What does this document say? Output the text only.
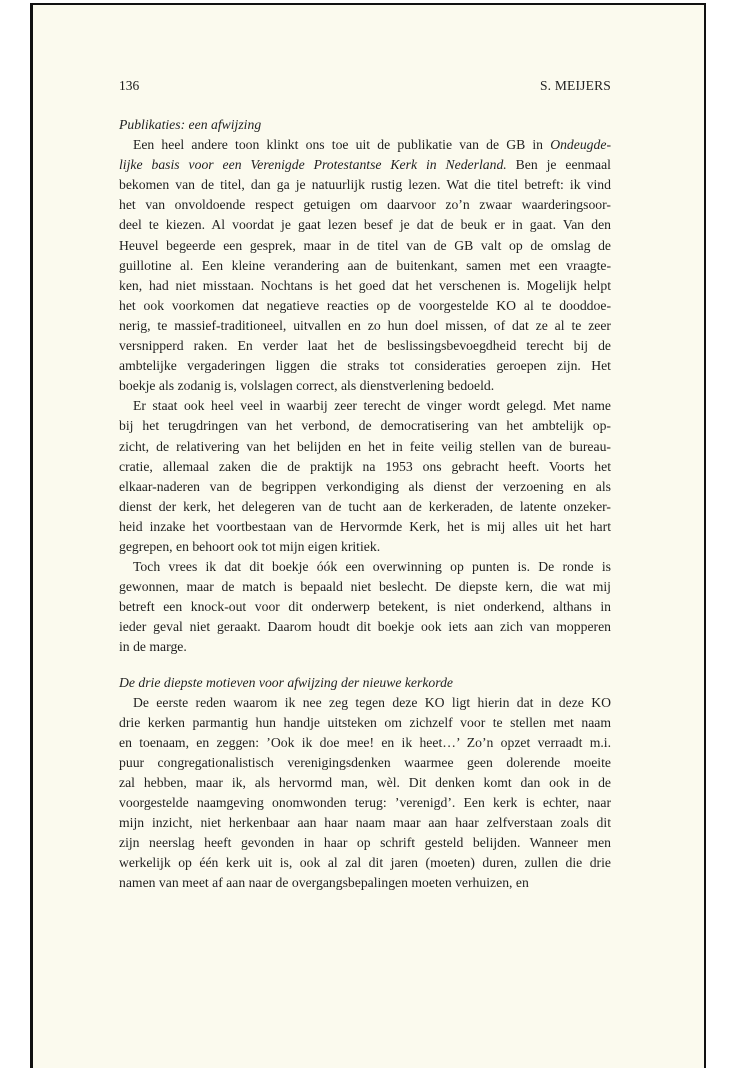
136	S. MEIJERS
Publikaties: een afwijzing
Een heel andere toon klinkt ons toe uit de publikatie van de GB in Ondeugde-
lijke basis voor een Verenigde Protestantse Kerk in Nederland. Ben je eenmaal
bekomen van de titel, dan ga je natuurlijk rustig lezen. Wat die titel betreft: ik vind
het van onvoldoende respect getuigen om daarvoor zo’n zwaar waarderingsoor-
deel te kiezen. Al voordat je gaat lezen besef je dat de beuk er in gaat. Van den
Heuvel begeerde een gesprek, maar in de titel van de GB valt op de omslag de
guillotine al. Een kleine verandering aan de buitenkant, samen met een vraagte-
ken, had niet misstaan. Nochtans is het goed dat het verschenen is. Mogelijk helpt
het ook voorkomen dat negatieve reacties op de voorgestelde KO al te dooddoe-
nerig, te massief-traditioneel, uitvallen en zo hun doel missen, of dat ze al te zeer
versnipperd raken. En verder laat het de beslissingsbevoegdheid terecht bij de
ambtelijke vergaderingen liggen die straks tot consideraties geroepen zijn. Het
boekje als zodanig is, volslagen correct, als dienstverlening bedoeld.
Er staat ook heel veel in waarbij zeer terecht de vinger wordt gelegd. Met name
bij het terugdringen van het verbond, de democratisering van het ambtelijk op-
zicht, de relativering van het belijden en het in feite veilig stellen van de bureau-
cratie, allemaal zaken die de praktijk na 1953 ons gebracht heeft. Voorts het
elkaar-naderen van de begrippen verkondiging als dienst der verzoening en als
dienst der kerk, het delegeren van de tucht aan de kerkeraden, de latente onzeker-
heid inzake het voortbestaan van de Hervormde Kerk, het is mij alles uit het hart
gegrepen, en behoort ook tot mijn eigen kritiek.
Toch vrees ik dat dit boekje óók een overwinning op punten is. De ronde is
gewonnen, maar de match is bepaald niet beslecht. De diepste kern, die wat mij
betreft een knock-out voor dit onderwerp betekent, is niet onderkend, althans in
ieder geval niet geraakt. Daarom houdt dit boekje ook iets aan zich van mopperen
in de marge.
De drie diepste motieven voor afwijzing der nieuwe kerkorde
De eerste reden waarom ik nee zeg tegen deze KO ligt hierin dat in deze KO
drie kerken parmantig hun handje uitsteken om zichzelf voor te stellen met naam
en toenaam, en zeggen: ’Ook ik doe mee! en ik heet…’ Zo’n opzet verraadt m.i.
puur congregationalistisch verenigingsdenken waarmee geen dolerende moeite
zal hebben, maar ik, als hervormd man, wèl. Dit denken komt dan ook in de
voorgestelde naamgeving onomwonden terug: ’verenigd’. Een kerk is echter, naar
mijn inzicht, niet herkenbaar aan haar naam maar aan haar zelfverstaan zoals dit
zijn neerslag heeft gevonden in haar op schrift gesteld belijden. Wanneer men
werkelijk op één kerk uit is, ook al zal dit jaren (moeten) duren, zullen die drie
namen van meet af aan naar de overgangsbepalingen moeten verhuizen, en
